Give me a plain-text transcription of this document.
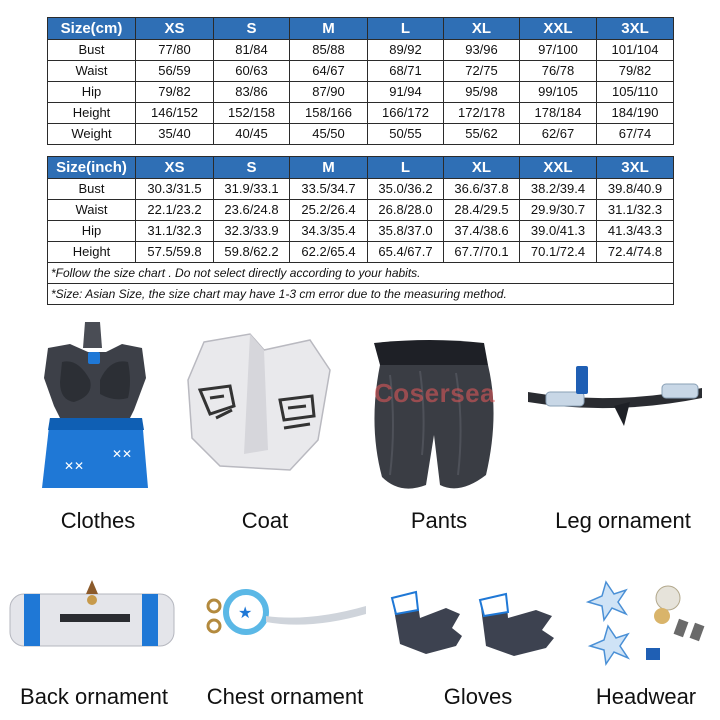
Size(cm)	XS	S	M	L	XL	XXL	3XL
Bust	77/80	81/84	85/88	89/92	93/96	97/100	101/104
Waist	56/59	60/63	64/67	68/71	72/75	76/78	79/82
Hip	79/82	83/86	87/90	91/94	95/98	99/105	105/110
Height	146/152	152/158	158/166	166/172	172/178	178/184	184/190
Weight	35/40	40/45	45/50	50/55	55/62	62/67	67/74
Size(inch)	XS	S	M	L	XL	XXL	3XL
Bust	30.3/31.5	31.9/33.1	33.5/34.7	35.0/36.2	36.6/37.8	38.2/39.4	39.8/40.9
Waist	22.1/23.2	23.6/24.8	25.2/26.4	26.8/28.0	28.4/29.5	29.9/30.7	31.1/32.3
Hip	31.1/32.3	32.3/33.9	34.3/35.4	35.8/37.0	37.4/38.6	39.0/41.3	41.3/43.3
Height	57.5/59.8	59.8/62.2	62.2/65.4	65.4/67.7	67.7/70.1	70.1/72.4	72.4/74.8
*Follow the size chart . Do not select directly according to your habits.							
*Size: Asian Size, the size chart may have 1-3 cm error due to the measuring method.							
✕✕
✕✕
Clothes	Coat
Cosersea
Pants	Leg ornament
Back ornament
★
Chest ornament	Gloves	Headwear
